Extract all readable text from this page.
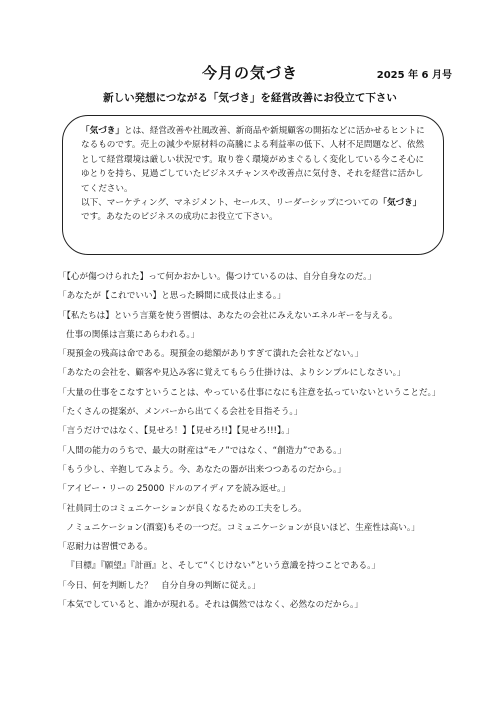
今月の気づき	2025 年 6 月号
新しい発想につながる「気づき」を経営改善にお役立て下さい

「気づき」とは、経営改善や社風改善、新商品や新規顧客の開拓などに活かせるヒントになるものです。売上の減少や原材料の高騰による利益率の低下、人材不足問題など、依然として経営環境は厳しい状況です。取り巻く環境がめまぐるしく変化している今こそ心にゆとりを持ち、見過ごしていたビジネスチャンスや改善点に気付き、それを経営に活かしてください。

以下、マーケティング、マネジメント、セールス、リーダーシップについての「気づき」
です。あなたのビジネスの成功にお役立て下さい。

「【心が傷つけられた】って何かおかしい。傷つけているのは、自分自身なのだ。」
「あなたが【これでいい】と思った瞬間に成長は止まる。」
「【私たちは】という言葉を使う習慣は、あなたの会社にみえないエネルギーを与える。
仕事の関係は言葉にあらわれる。」
「現預金の残高は命である。現預金の総額がありすぎて潰れた会社などない。」
「あなたの会社を、顧客や見込み客に覚えてもらう仕掛けは、よりシンプルにしなさい。」
「大量の仕事をこなすということは、やっている仕事になにも注意を払っていないということだ。」
「たくさんの提案が、メンバーから出てくる会社を目指そう。」
「言うだけではなく、【見せろ！】【見せろ!!】【見せろ!!!】。」
「人間の能力のうちで、最大の財産は“モノ”ではなく、“創造力”である。」
「もう少し、辛抱してみよう。今、あなたの器が出来つつあるのだから。」
「アイビー・リーの 25000 ドルのアイディアを読み返せ。」
「社員同士のコミュニケーションが良くなるための工夫をしろ。
ノミュニケーション(酒宴)もその一つだ。コミュニケーションが良いほど、生産性は高い。」
「忍耐力は習慣である。
『目標』『願望』『計画』と、そして“くじけない”という意識を持つことである。」
「今日、何を判断した？　自分自身の判断に従え。」
「本気でしていると、誰かが現れる。それは偶然ではなく、必然なのだから。」
